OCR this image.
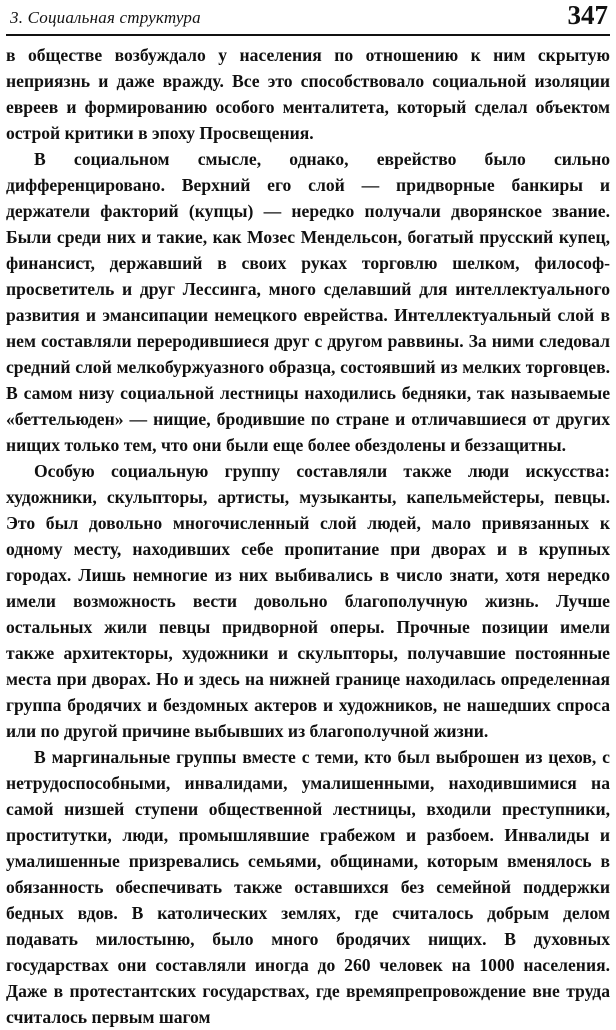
3. Социальная структура	347

в обществе возбуждало у населения по отношению к ним скрытую неприязнь и даже вражду. Все это способствовало социальной изоляции евреев и формированию особого менталитета, который сделал объектом острой критики в эпоху Просвещения.

В социальном смысле, однако, еврейство было сильно дифференцировано. Верхний его слой — придворные банкиры и держатели факторий (купцы) — нередко получали дворянское звание. Были среди них и такие, как Мозес Мендельсон, богатый прусский купец, финансист, державший в своих руках торговлю шелком, философ-просветитель и друг Лессинга, много сделавший для интеллектуального развития и эмансипации немецкого еврейства. Интеллектуальный слой в нем составляли переродившиеся друг с другом раввины. За ними следовал средний слой мелкобуржуазного образца, состоявший из мелких торговцев. В самом низу социальной лестницы находились бедняки, так называемые «беттельюден» — нищие, бродившие по стране и отличавшиеся от других нищих только тем, что они были еще более обездолены и беззащитны.

Особую социальную группу составляли также люди искусства: художники, скульпторы, артисты, музыканты, капельмейстеры, певцы. Это был довольно многочисленный слой людей, мало привязанных к одному месту, находивших себе пропитание при дворах и в крупных городах. Лишь немногие из них выбивались в число знати, хотя нередко имели возможность вести довольно благополучную жизнь. Лучше остальных жили певцы придворной оперы. Прочные позиции имели также архитекторы, художники и скульпторы, получавшие постоянные места при дворах. Но и здесь на нижней границе находилась определенная группа бродячих и бездомных актеров и художников, не нашедших спроса или по другой причине выбывших из благополучной жизни.

В маргинальные группы вместе с теми, кто был выброшен из цехов, с нетрудоспособными, инвалидами, умалишенными, находившимися на самой низшей ступени общественной лестницы, входили преступники, проститутки, люди, промышлявшие грабежом и разбоем. Инвалиды и умалишенные призревались семьями, общинами, которым вменялось в обязанность обеспечивать также оставшихся без семейной поддержки бедных вдов. В католических землях, где считалось добрым делом подавать милостыню, было много бродячих нищих. В духовных государствах они составляли иногда до 260 человек на 1000 населения. Даже в протестантских государствах, где времяпрепровождение вне труда считалось первым шагом
